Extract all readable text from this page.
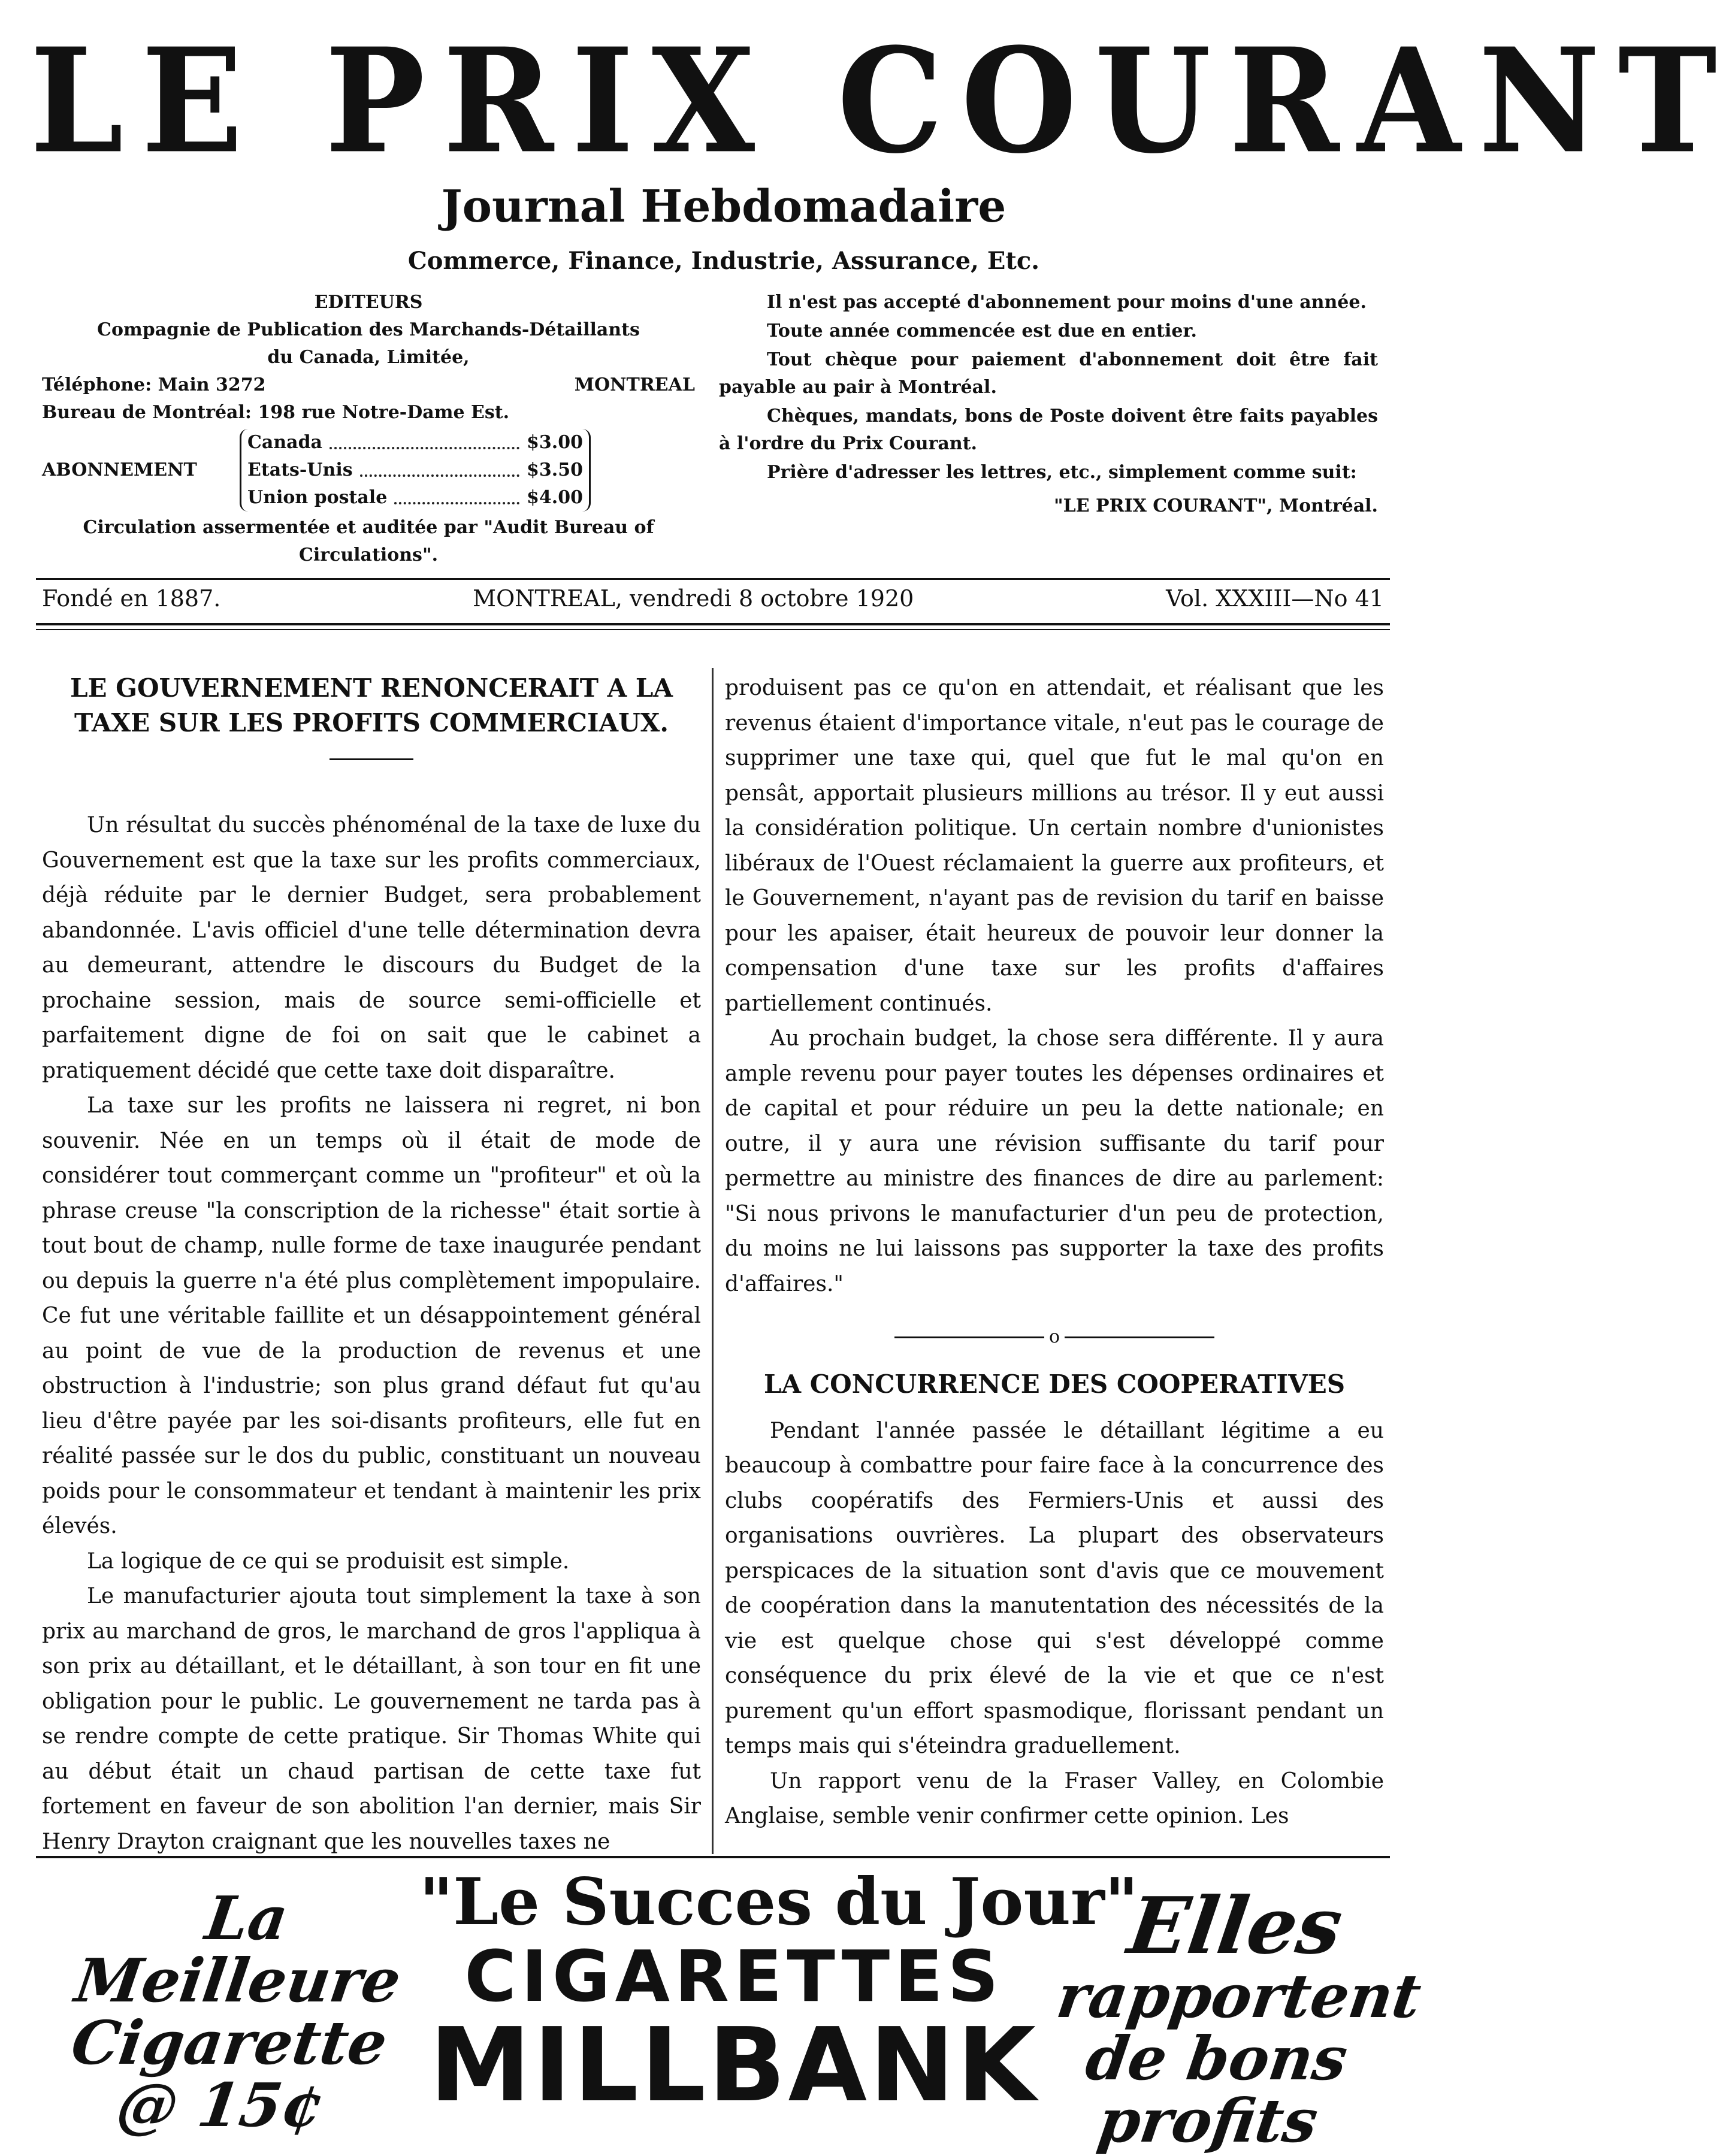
LE PRIX COURANT
Journal Hebdomadaire
Commerce, Finance, Industrie, Assurance, Etc.
EDITEURS
Compagnie de Publication des Marchands-Détaillants
du Canada, Limitée,
Téléphone: Main 3272	MONTREAL
Bureau de Montréal: 198 rue Notre-Dame Est.
ABONNEMENT
Canada	$3.00
Etats-Unis	$3.50
Union postale	$4.00
Circulation assermentée et auditée par "Audit Bureau of
Circulations".

Il n'est pas accepté d'abonnement pour moins d'une année.

Toute année commencée est due en entier.

Tout chèque pour paiement d'abonnement doit être fait payable au pair à Montréal.

Chèques, mandats, bons de Poste doivent être faits payables à l'ordre du Prix Courant.

Prière d'adresser les lettres, etc., simplement comme suit:

"LE PRIX COURANT", Montréal.

Fondé en 1887.	MONTREAL, vendredi 8 octobre 1920	Vol. XXXIII—No 41
LE GOUVERNEMENT RENONCERAIT A LA TAXE SUR LES PROFITS COMMERCIAUX.

Un résultat du succès phénoménal de la taxe de luxe du Gouvernement est que la taxe sur les profits commerciaux, déjà réduite par le dernier Budget, sera probablement abandonnée. L'avis officiel d'une telle détermination devra au demeurant, attendre le discours du Budget de la prochaine session, mais de source semi-officielle et parfaitement digne de foi on sait que le cabinet a pratiquement décidé que cette taxe doit disparaître.

La taxe sur les profits ne laissera ni regret, ni bon souvenir. Née en un temps où il était de mode de considérer tout commerçant comme un "profiteur" et où la phrase creuse "la conscription de la richesse" était sortie à tout bout de champ, nulle forme de taxe inaugurée pendant ou depuis la guerre n'a été plus complètement impopulaire. Ce fut une véritable faillite et un désappointement général au point de vue de la production de revenus et une obstruction à l'industrie; son plus grand défaut fut qu'au lieu d'être payée par les soi-disants profiteurs, elle fut en réalité passée sur le dos du public, constituant un nouveau poids pour le consommateur et tendant à maintenir les prix élevés.

La logique de ce qui se produisit est simple.

Le manufacturier ajouta tout simplement la taxe à son prix au marchand de gros, le marchand de gros l'appliqua à son prix au détaillant, et le détaillant, à son tour en fit une obligation pour le public. Le gouvernement ne tarda pas à se rendre compte de cette pratique. Sir Thomas White qui au début était un chaud partisan de cette taxe fut fortement en faveur de son abolition l'an dernier, mais Sir Henry Drayton craignant que les nouvelles taxes ne

produisent pas ce qu'on en attendait, et réalisant que les revenus étaient d'importance vitale, n'eut pas le courage de supprimer une taxe qui, quel que fut le mal qu'on en pensât, apportait plusieurs millions au trésor. Il y eut aussi la considération politique. Un certain nombre d'unionistes libéraux de l'Ouest réclamaient la guerre aux profiteurs, et le Gouvernement, n'ayant pas de revision du tarif en baisse pour les apaiser, était heureux de pouvoir leur donner la compensation d'une taxe sur les profits d'affaires partiellement continués.

Au prochain budget, la chose sera différente. Il y aura ample revenu pour payer toutes les dépenses ordinaires et de capital et pour réduire un peu la dette nationale; en outre, il y aura une révision suffisante du tarif pour permettre au ministre des finances de dire au parlement: "Si nous privons le manufacturier d'un peu de protection, du moins ne lui laissons pas supporter la taxe des profits d'affaires."

o
LA CONCURRENCE DES COOPERATIVES

Pendant l'année passée le détaillant légitime a eu beaucoup à combattre pour faire face à la concurrence des clubs coopératifs des Fermiers-Unis et aussi des organisations ouvrières. La plupart des observateurs perspicaces de la situation sont d'avis que ce mouvement de coopération dans la manutentation des nécessités de la vie est quelque chose qui s'est développé comme conséquence du prix élevé de la vie et que ce n'est purement qu'un effort spasmodique, florissant pendant un temps mais qui s'éteindra graduellement.

Un rapport venu de la Fraser Valley, en Colombie Anglaise, semble venir confirmer cette opinion. Les

La Meilleure
Cigarette
@ 15¢
"Le Succes du Jour"
CIGARETTES
MILLBANK
Elles
rapportent
de bons profits
